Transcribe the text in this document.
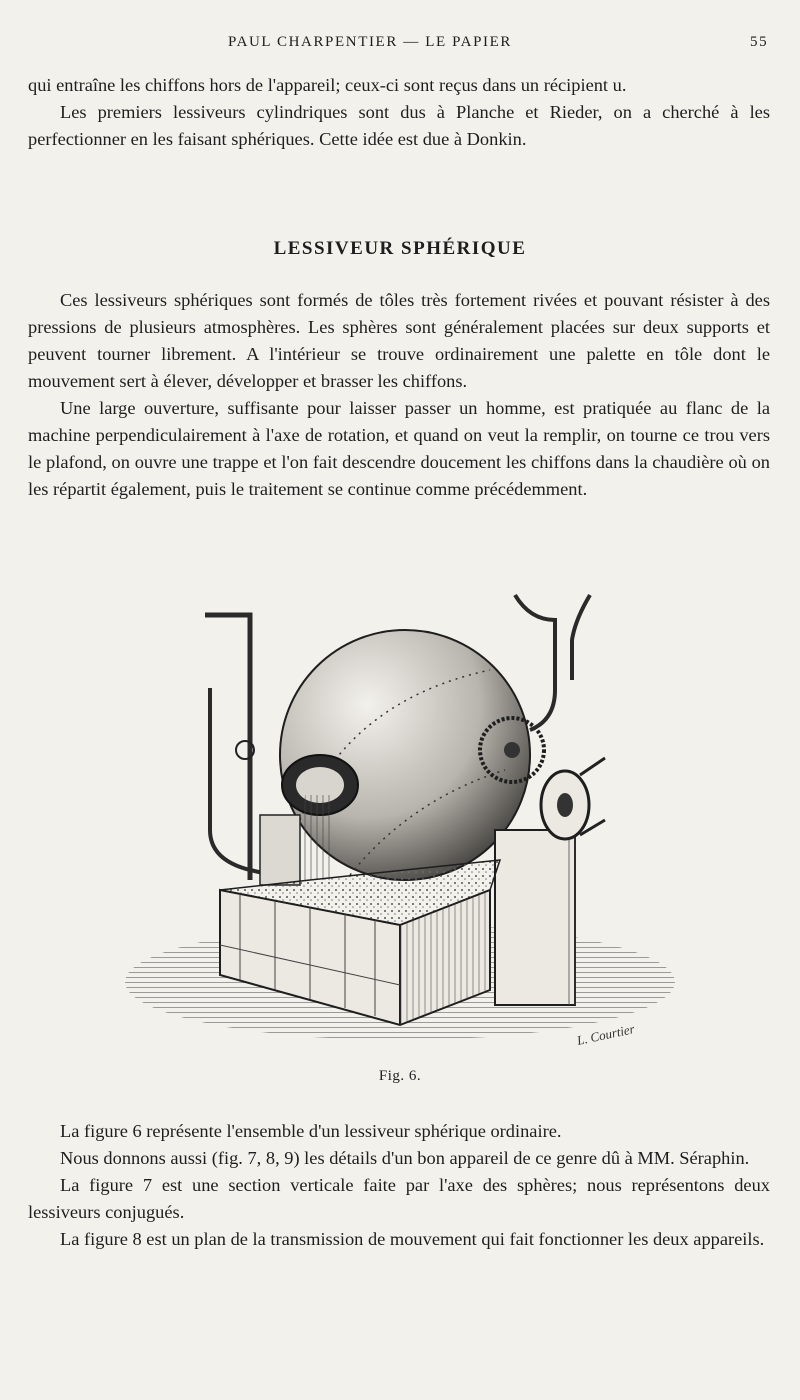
PAUL CHARPENTIER — LE PAPIER	55

qui entraîne les chiffons hors de l'appareil; ceux-ci sont reçus dans un récipient u.

Les premiers lessiveurs cylindriques sont dus à Planche et Rieder, on a cherché à les perfectionner en les faisant sphériques. Cette idée est due à Donkin.

LESSIVEUR SPHÉRIQUE

Ces lessiveurs sphériques sont formés de tôles très fortement rivées et pouvant résister à des pressions de plusieurs atmosphères. Les sphères sont généralement placées sur deux supports et peuvent tourner librement. A l'intérieur se trouve ordinairement une palette en tôle dont le mouvement sert à élever, développer et brasser les chiffons.

Une large ouverture, suffisante pour laisser passer un homme, est pratiquée au flanc de la machine perpendiculairement à l'axe de rotation, et quand on veut la remplir, on tourne ce trou vers le plafond, on ouvre une trappe et l'on fait descendre doucement les chiffons dans la chaudière où on les répartit également, puis le traitement se continue comme précédemment.

L. Courtier
Fig. 6.

La figure 6 représente l'ensemble d'un lessiveur sphérique ordinaire.

Nous donnons aussi (fig. 7, 8, 9) les détails d'un bon appareil de ce genre dû à MM. Séraphin.

La figure 7 est une section verticale faite par l'axe des sphères; nous représentons deux lessiveurs conjugués.

La figure 8 est un plan de la transmission de mouvement qui fait fonctionner les deux appareils.
